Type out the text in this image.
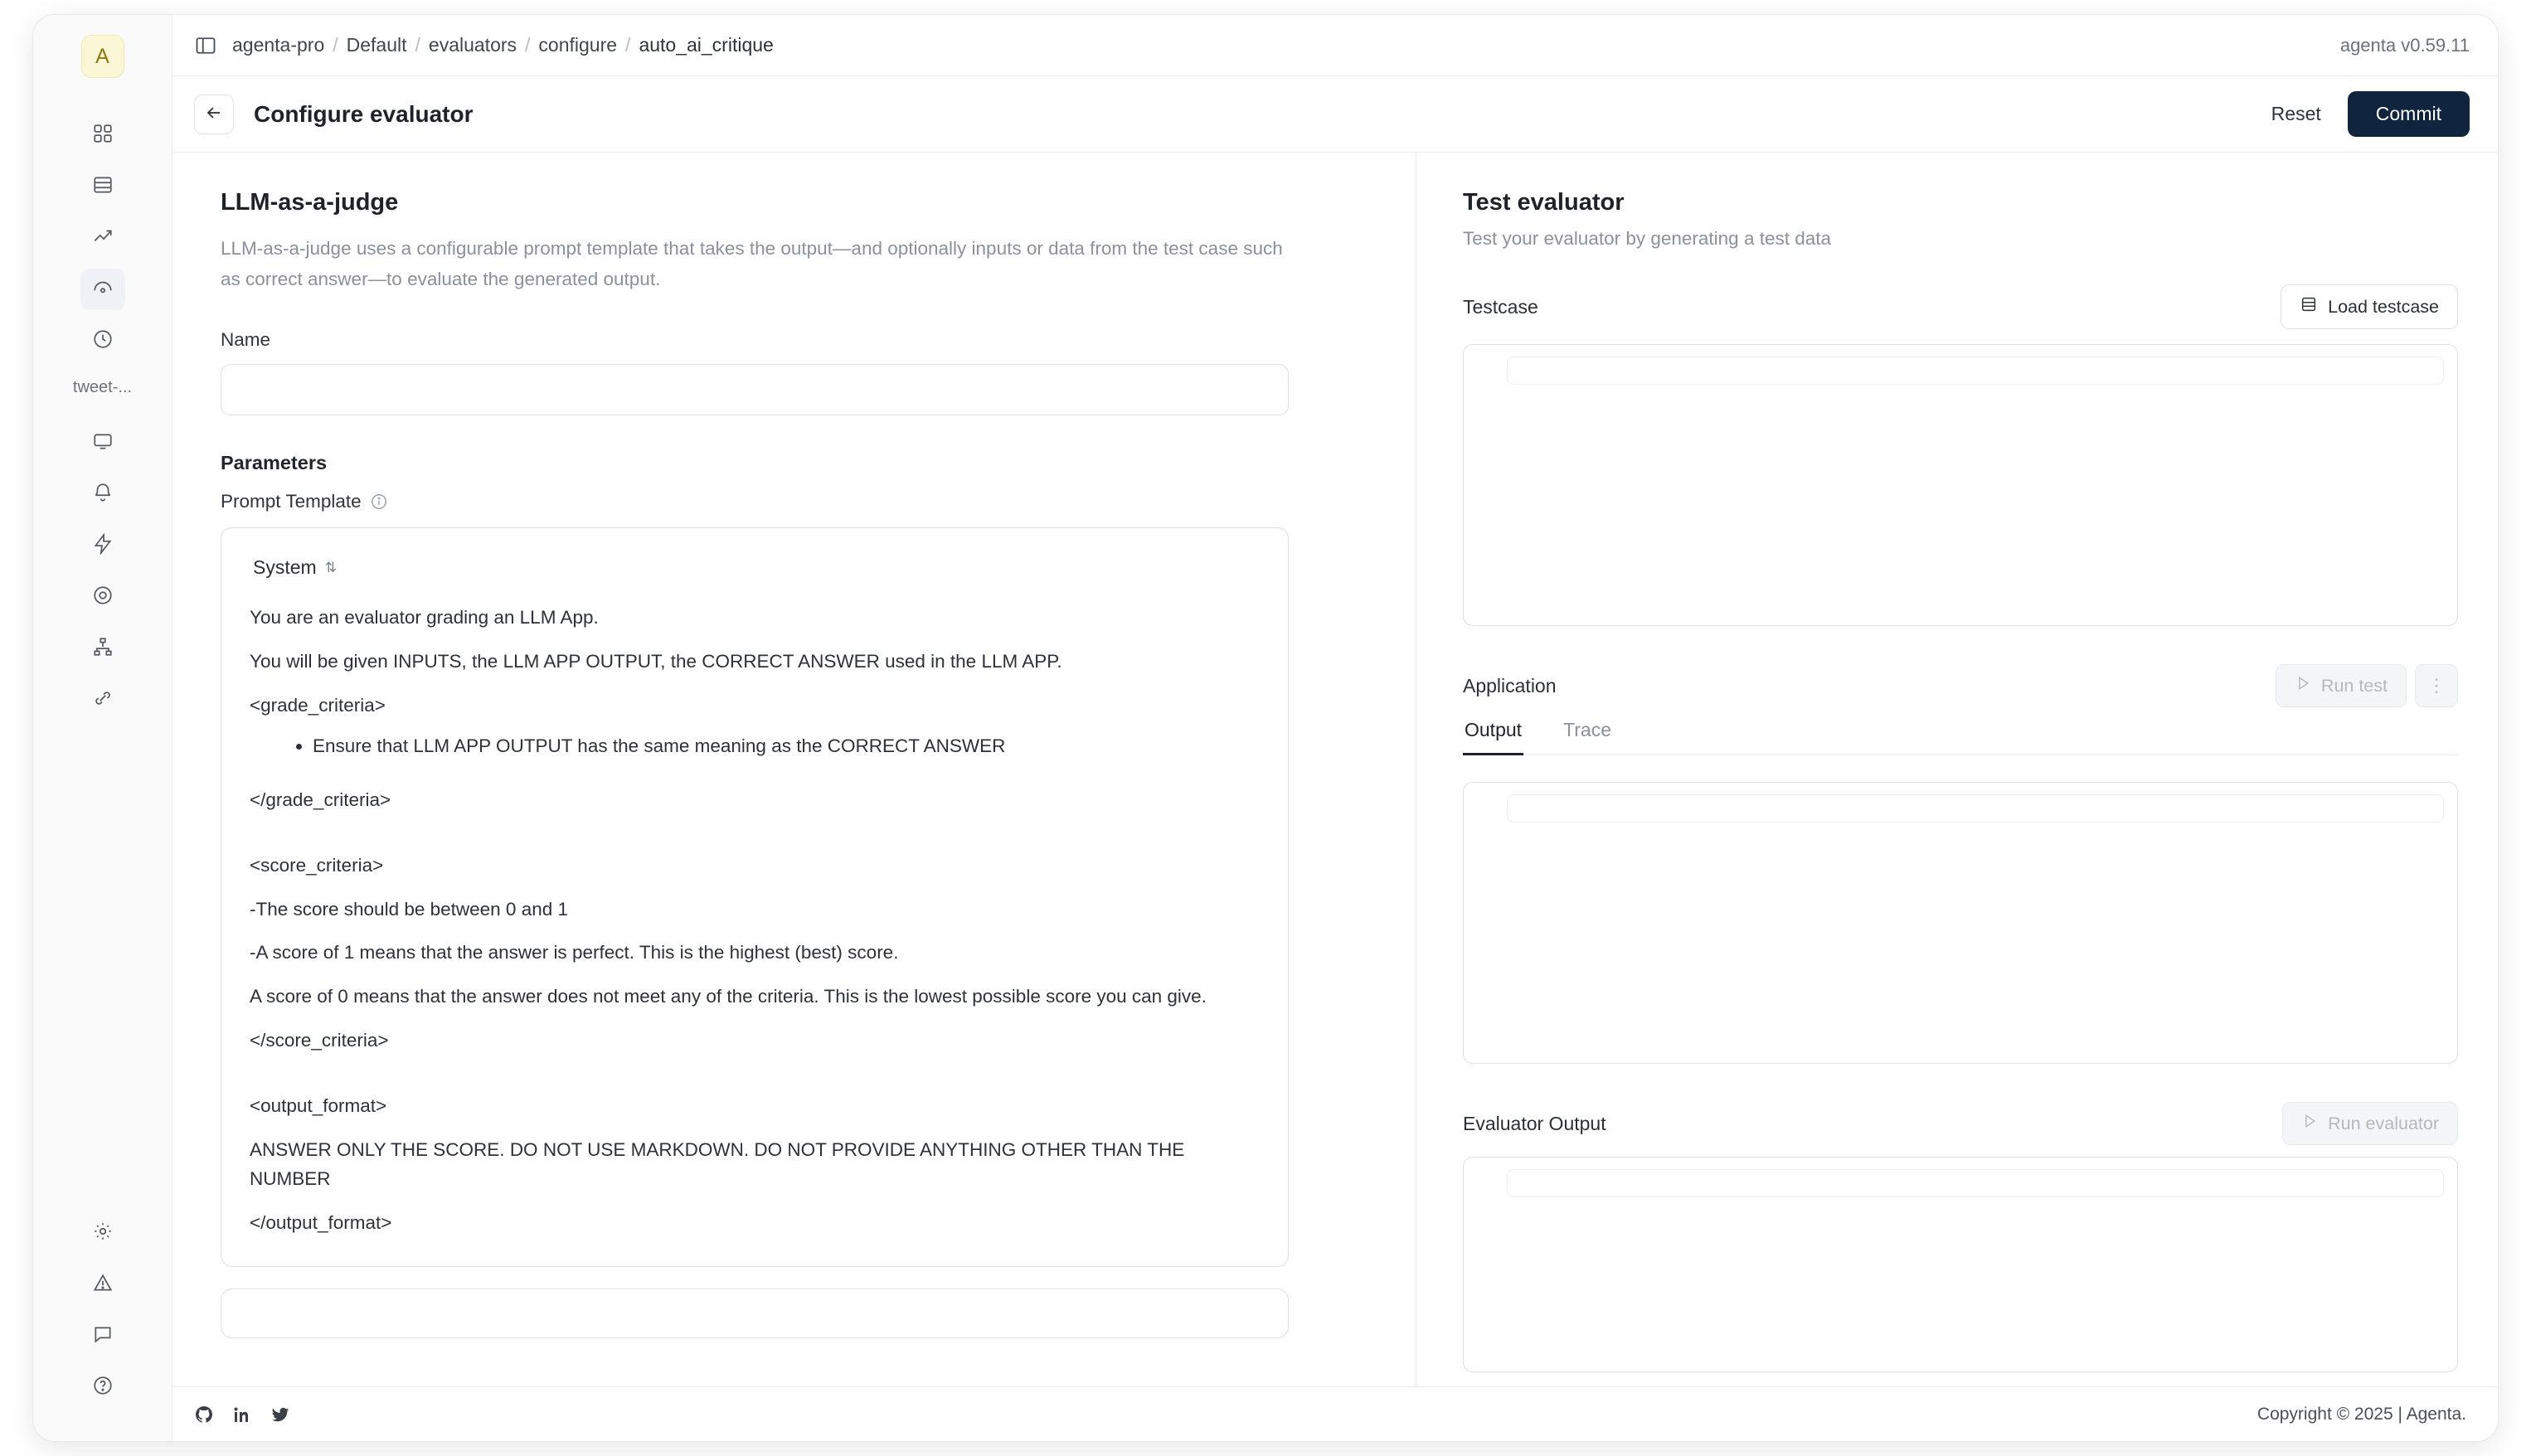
A
tweet-...
agenta-pro / Default / evaluators / configure / auto_ai_critique	agenta v0.59.11
Configure evaluator	Reset	Commit
LLM-as-a-judge

LLM-as-a-judge uses a configurable prompt template that takes the output—and optionally inputs or data from the test case such as correct answer—to evaluate the generated output.

Name
Parameters
Prompt Template
System ⇅

You are an evaluator grading an LLM App.

You will be given INPUTS, the LLM APP OUTPUT, the CORRECT ANSWER used in the LLM APP.

<grade_criteria>

• Ensure that LLM APP OUTPUT has the same meaning as the CORRECT ANSWER

</grade_criteria>

<score_criteria>

-The score should be between 0 and 1

-A score of 1 means that the answer is perfect. This is the highest (best) score.

A score of 0 means that the answer does not meet any of the criteria. This is the lowest possible score you can give.

</score_criteria>

<output_format>

ANSWER ONLY THE SCORE. DO NOT USE MARKDOWN. DO NOT PROVIDE ANYTHING OTHER THAN THE NUMBER

</output_format>

Test evaluator

Test your evaluator by generating a test data

Testcase	Load testcase
Application	Run test ⋮
Output Trace
Evaluator Output	Run evaluator
Copyright © 2025 | Agenta.
